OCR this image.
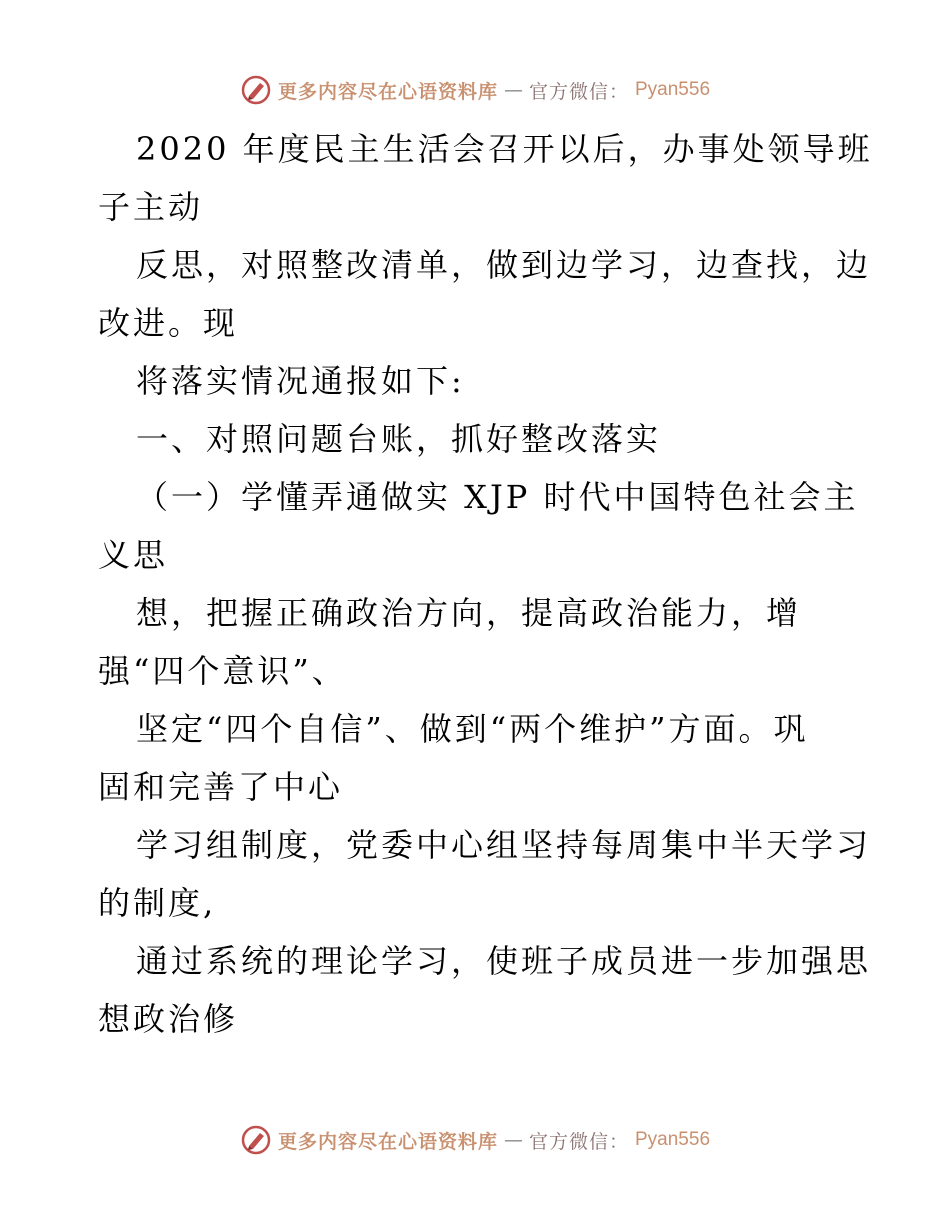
更多内容尽在心语资料库 — 官方微信： Pyan556
2020 年度民主生活会召开以后，办事处领导班
子主动
反思，对照整改清单，做到边学习，边查找，边
改进。现
将落实情况通报如下:
一、对照问题台账，抓好整改落实
（一）学懂弄通做实 XJP 时代中国特色社会主
义思
想，把握正确政治方向，提高政治能力，增
强“四个意识”、
坚定“四个自信”、做到“两个维护”方面。巩
固和完善了中心
学习组制度，党委中心组坚持每周集中半天学习
的制度,
通过系统的理论学习，使班子成员进一步加强思
想政治修
更多内容尽在心语资料库 — 官方微信： Pyan556
